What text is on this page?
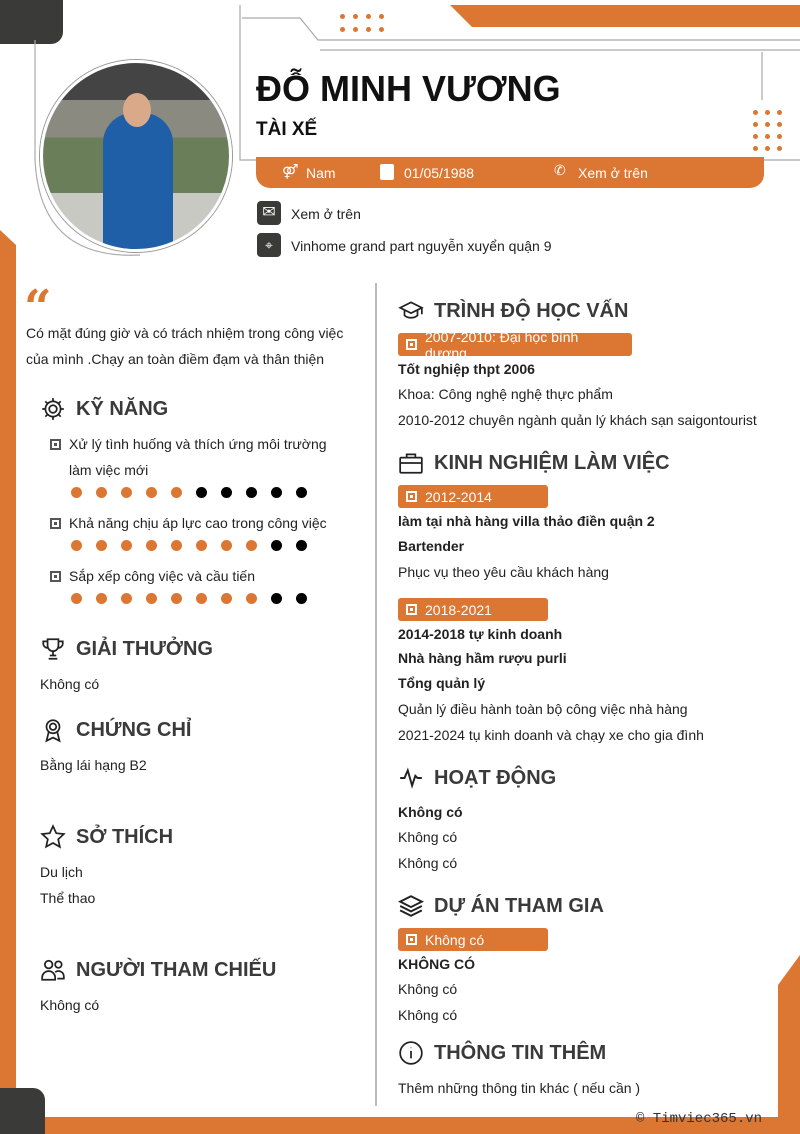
ĐỖ MINH VƯƠNG
TÀI XẾ
⚤ Nam	01/05/1988	✆ Xem ở trên
✉	Xem ở trên
⌖	Vinhome grand part nguyễn xuyển quận 9
“
Có mặt đúng giờ và có trách nhiệm trong công việc của mình .Chạy an toàn điềm đạm và thân thiện
KỸ NĂNG
Xử lý tình huống và thích ứng môi trường làm việc mới
Khả năng chịu áp lực cao trong công việc
Sắp xếp công việc và cầu tiến
GIẢI THƯỞNG
Không có
CHỨNG CHỈ
Bằng lái hạng B2
SỞ THÍCH
Du lịch
Thể thao
NGƯỜI THAM CHIẾU
Không có
TRÌNH ĐỘ HỌC VẤN
2007-2010: Đại học bình dương
Tốt nghiệp thpt 2006
Khoa: Công nghệ nghệ thực phẩm
2010-2012 chuyên ngành quản lý khách sạn saigontourist
KINH NGHIỆM LÀM VIỆC
2012-2014
làm tại nhà hàng villa thảo điền quận 2
Bartender
Phục vụ theo yêu cầu khách hàng
2018-2021
2014-2018 tự kinh doanh
Nhà hàng hầm rượu purli
Tổng quản lý
Quản lý điều hành toàn bộ công việc nhà hàng
2021-2024 tụ kinh doanh và chạy xe cho gia đình
HOẠT ĐỘNG
Không có
Không có
Không có
DỰ ÁN THAM GIA
Không có
KHÔNG CÓ
Không có
Không có
THÔNG TIN THÊM
Thêm những thông tin khác ( nếu cần )
© Timviec365.vn
